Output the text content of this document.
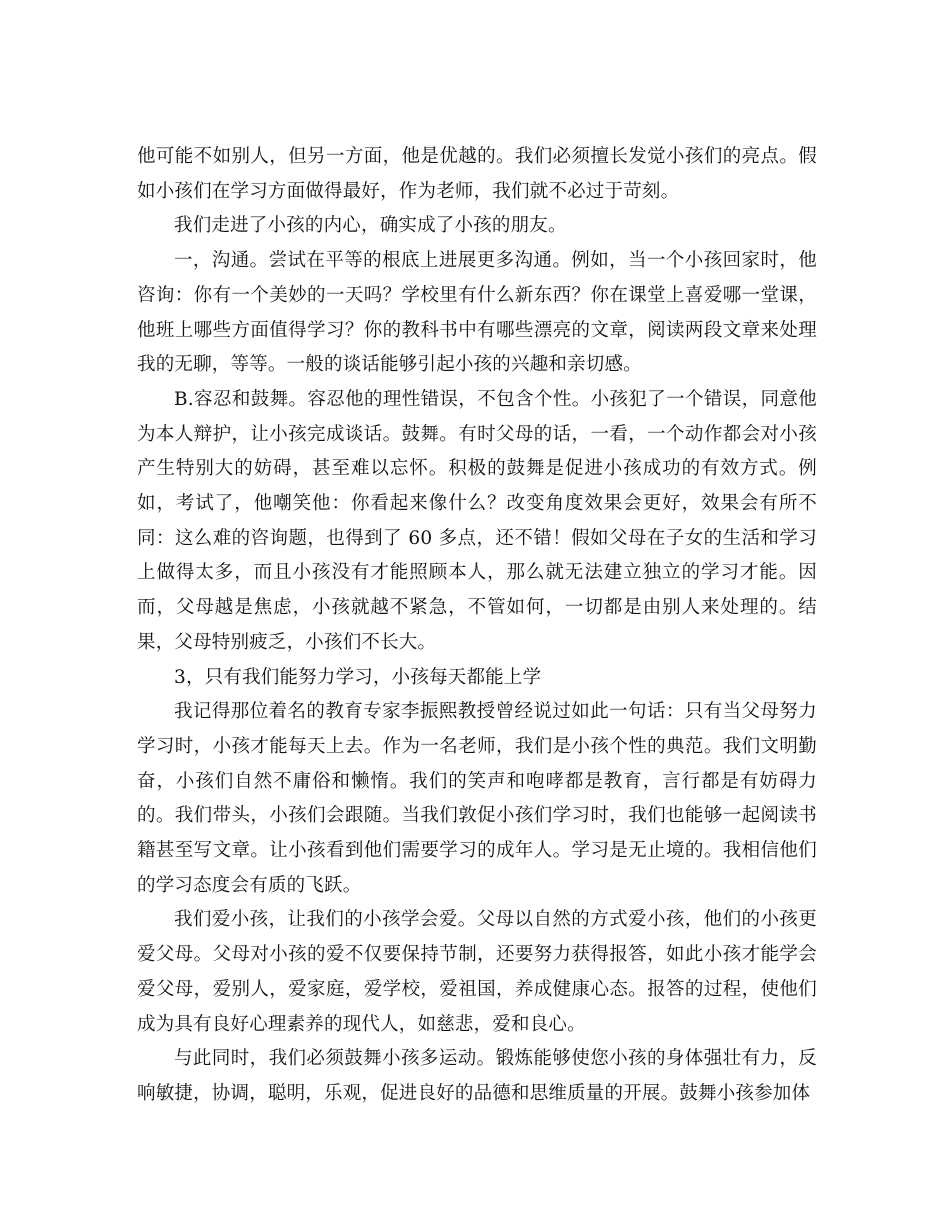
他可能不如别人，但另一方面，他是优越的。我们必须擅长发觉小孩们的亮点。假如小孩们在学习方面做得最好，作为老师，我们就不必过于苛刻。

我们走进了小孩的内心，确实成了小孩的朋友。

一，沟通。尝试在平等的根底上进展更多沟通。例如，当一个小孩回家时，他咨询：你有一个美妙的一天吗？学校里有什么新东西？你在课堂上喜爱哪一堂课，他班上哪些方面值得学习？你的教科书中有哪些漂亮的文章，阅读两段文章来处理我的无聊，等等。一般的谈话能够引起小孩的兴趣和亲切感。

B.容忍和鼓舞。容忍他的理性错误，不包含个性。小孩犯了一个错误，同意他为本人辩护，让小孩完成谈话。鼓舞。有时父母的话，一看，一个动作都会对小孩产生特别大的妨碍，甚至难以忘怀。积极的鼓舞是促进小孩成功的有效方式。例如，考试了，他嘲笑他：你看起来像什么？改变角度效果会更好，效果会有所不同：这么难的咨询题，也得到了 60 多点，还不错！假如父母在子女的生活和学习上做得太多，而且小孩没有才能照顾本人，那么就无法建立独立的学习才能。因而，父母越是焦虑，小孩就越不紧急，不管如何，一切都是由别人来处理的。结果，父母特别疲乏，小孩们不长大。

3，只有我们能努力学习，小孩每天都能上学

我记得那位着名的教育专家李振熙教授曾经说过如此一句话：只有当父母努力学习时，小孩才能每天上去。作为一名老师，我们是小孩个性的典范。我们文明勤奋，小孩们自然不庸俗和懒惰。我们的笑声和咆哮都是教育，言行都是有妨碍力的。我们带头，小孩们会跟随。当我们敦促小孩们学习时，我们也能够一起阅读书籍甚至写文章。让小孩看到他们需要学习的成年人。学习是无止境的。我相信他们的学习态度会有质的飞跃。

我们爱小孩，让我们的小孩学会爱。父母以自然的方式爱小孩，他们的小孩更爱父母。父母对小孩的爱不仅要保持节制，还要努力获得报答，如此小孩才能学会爱父母，爱别人，爱家庭，爱学校，爱祖国，养成健康心态。报答的过程，使他们成为具有良好心理素养的现代人，如慈悲，爱和良心。

与此同时，我们必须鼓舞小孩多运动。锻炼能够使您小孩的身体强壮有力，反响敏捷，协调，聪明，乐观，促进良好的品德和思维质量的开展。鼓舞小孩参加体
